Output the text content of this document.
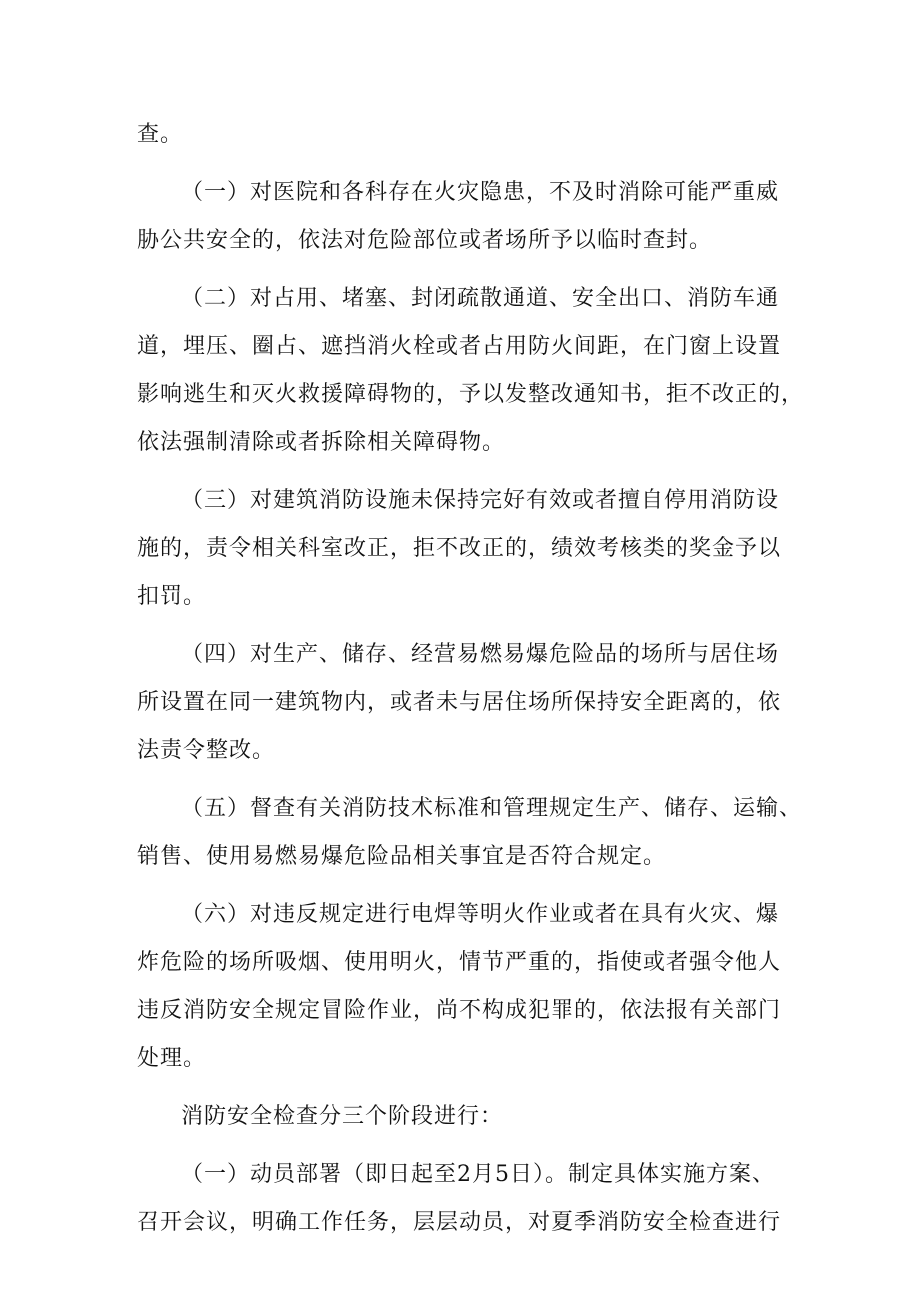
查。
（一）对医院和各科存在火灾隐患，不及时消除可能严重威
胁公共安全的，依法对危险部位或者场所予以临时查封。
（二）对占用、堵塞、封闭疏散通道、安全出口、消防车通
道，埋压、圈占、遮挡消火栓或者占用防火间距，在门窗上设置
影响逃生和灭火救援障碍物的，予以发整改通知书，拒不改正的，
依法强制清除或者拆除相关障碍物。
（三）对建筑消防设施未保持完好有效或者擅自停用消防设
施的，责令相关科室改正，拒不改正的，绩效考核类的奖金予以
扣罚。
（四）对生产、储存、经营易燃易爆危险品的场所与居住场
所设置在同一建筑物内，或者未与居住场所保持安全距离的，依
法责令整改。
（五）督查有关消防技术标准和管理规定生产、储存、运输、
销售、使用易燃易爆危险品相关事宜是否符合规定。
（六）对违反规定进行电焊等明火作业或者在具有火灾、爆
炸危险的场所吸烟、使用明火，情节严重的，指使或者强令他人
违反消防安全规定冒险作业，尚不构成犯罪的，依法报有关部门
处理。
消防安全检查分三个阶段进行：
（一）动员部署（即日起至2月5日）。制定具体实施方案、
召开会议，明确工作任务，层层动员，对夏季消防安全检查进行
